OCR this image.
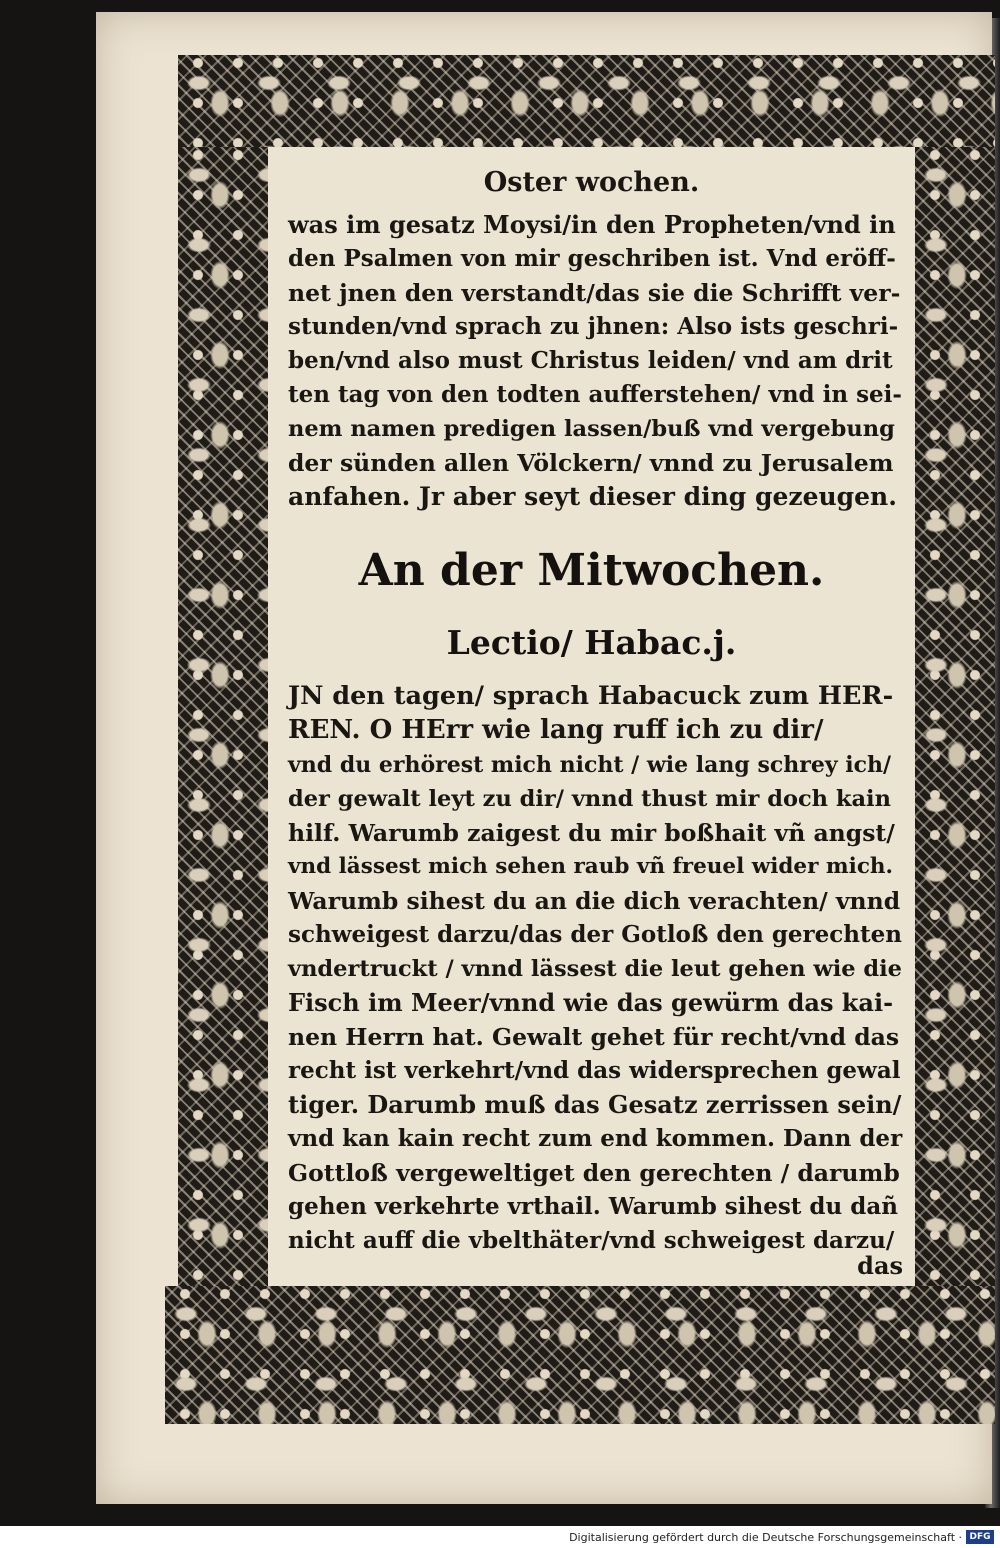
Oster wochen.
was im gesatz Moysi/in den Propheten/vnd in
den Psalmen von mir geschriben ist. Vnd eröff-
net jnen den verstandt/das sie die Schrifft ver-
stunden/vnd sprach zu jhnen: Also ists geschri-
ben/vnd also must Christus leiden/ vnd am drit
ten tag von den todten aufferstehen/ vnd in sei-
nem namen predigen lassen/buß vnd vergebung
der sünden allen Völckern/ vnnd zu Jerusalem
anfahen. Jr aber seyt dieser ding gezeugen.
An der Mitwochen.
Lectio/ Habac.j.
JN den tagen/ sprach Habacuck zum HER-
REN. O HErr wie lang ruff ich zu dir/
vnd du erhörest mich nicht / wie lang schrey ich/
der gewalt leyt zu dir/ vnnd thust mir doch kain
hilf. Warumb zaigest du mir boßhait vñ angst/
vnd lässest mich sehen raub vñ freuel wider mich.
Warumb sihest du an die dich verachten/ vnnd
schweigest darzu/das der Gotloß den gerechten
vndertruckt / vnnd lässest die leut gehen wie die
Fisch im Meer/vnnd wie das gewürm das kai-
nen Herrn hat. Gewalt gehet für recht/vnd das
recht ist verkehrt/vnd das widersprechen gewal
tiger. Darumb muß das Gesatz zerrissen sein/
vnd kan kain recht zum end kommen. Dann der
Gottloß vergeweltiget den gerechten / darumb
gehen verkehrte vrthail. Warumb sihest du dañ
nicht auff die vbelthäter/vnd schweigest darzu/
das
Digitalisierung gefördert durch die Deutsche Forschungsgemeinschaft · DFG
